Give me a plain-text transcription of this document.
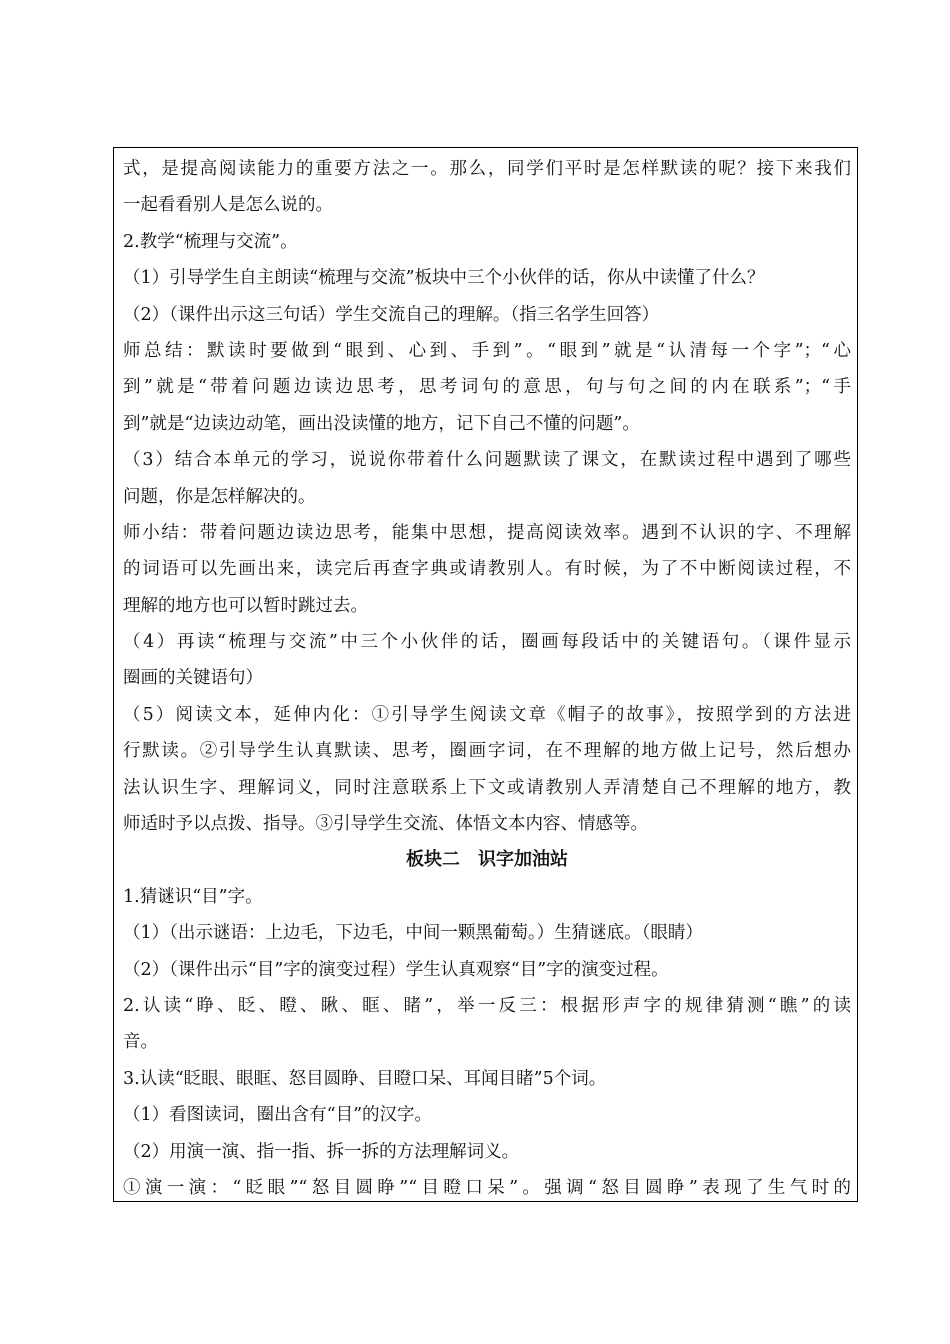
式，是提高阅读能力的重要方法之一。那么，同学们平时是怎样默读的呢？接下来我们
一起看看别人是怎么说的。
2.教学“梳理与交流”。
（1）引导学生自主朗读“梳理与交流”板块中三个小伙伴的话，你从中读懂了什么？
（2）（课件出示这三句话）学生交流自己的理解。（指三名学生回答）
师总结：默读时要做到“眼到、心到、手到”。“眼到”就是“认清每一个字”；“心
到”就是“带着问题边读边思考，思考词句的意思，句与句之间的内在联系”；“手
到”就是“边读边动笔，画出没读懂的地方，记下自己不懂的问题”。
（3）结合本单元的学习，说说你带着什么问题默读了课文，在默读过程中遇到了哪些
问题，你是怎样解决的。
师小结：带着问题边读边思考，能集中思想，提高阅读效率。遇到不认识的字、不理解
的词语可以先画出来，读完后再查字典或请教别人。有时候，为了不中断阅读过程，不
理解的地方也可以暂时跳过去。
（4）再读“梳理与交流”中三个小伙伴的话，圈画每段话中的关键语句。（课件显示
圈画的关键语句）
（5）阅读文本，延伸内化：①引导学生阅读文章《帽子的故事》，按照学到的方法进
行默读。②引导学生认真默读、思考，圈画字词，在不理解的地方做上记号，然后想办
法认识生字、理解词义，同时注意联系上下文或请教别人弄清楚自己不理解的地方，教
师适时予以点拨、指导。③引导学生交流、体悟文本内容、情感等。
板块二　识字加油站
1.猜谜识“目”字。
（1）（出示谜语：上边毛，下边毛，中间一颗黑葡萄。）生猜谜底。（眼睛）
（2）（课件出示“目”字的演变过程）学生认真观察“目”字的演变过程。
2.认读“睁、眨、瞪、瞅、眶、睹”，举一反三：根据形声字的规律猜测“瞧”的读
音。
3.认读“眨眼、眼眶、怒目圆睁、目瞪口呆、耳闻目睹”5个词。
（1）看图读词，圈出含有“目”的汉字。
（2）用演一演、指一指、拆一拆的方法理解词义。
①演一演：“眨眼”“怒目圆睁”“目瞪口呆”。强调“怒目圆睁”表现了生气时的
